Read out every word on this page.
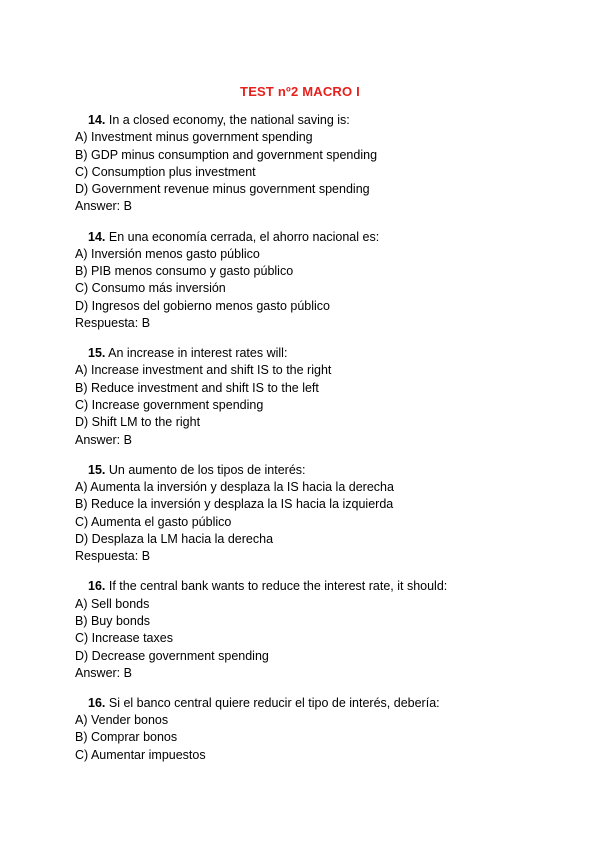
TEST nº2 MACRO I
14. In a closed economy, the national saving is:
A) Investment minus government spending
B) GDP minus consumption and government spending
C) Consumption plus investment
D) Government revenue minus government spending
Answer: B
14. En una economía cerrada, el ahorro nacional es:
A) Inversión menos gasto público
B) PIB menos consumo y gasto público
C) Consumo más inversión
D) Ingresos del gobierno menos gasto público
Respuesta: B
15. An increase in interest rates will:
A) Increase investment and shift IS to the right
B) Reduce investment and shift IS to the left
C) Increase government spending
D) Shift LM to the right
Answer: B
15. Un aumento de los tipos de interés:
A) Aumenta la inversión y desplaza la IS hacia la derecha
B) Reduce la inversión y desplaza la IS hacia la izquierda
C) Aumenta el gasto público
D) Desplaza la LM hacia la derecha
Respuesta: B
16. If the central bank wants to reduce the interest rate, it should:
A) Sell bonds
B) Buy bonds
C) Increase taxes
D) Decrease government spending
Answer: B
16. Si el banco central quiere reducir el tipo de interés, debería:
A) Vender bonos
B) Comprar bonos
C) Aumentar impuestos
